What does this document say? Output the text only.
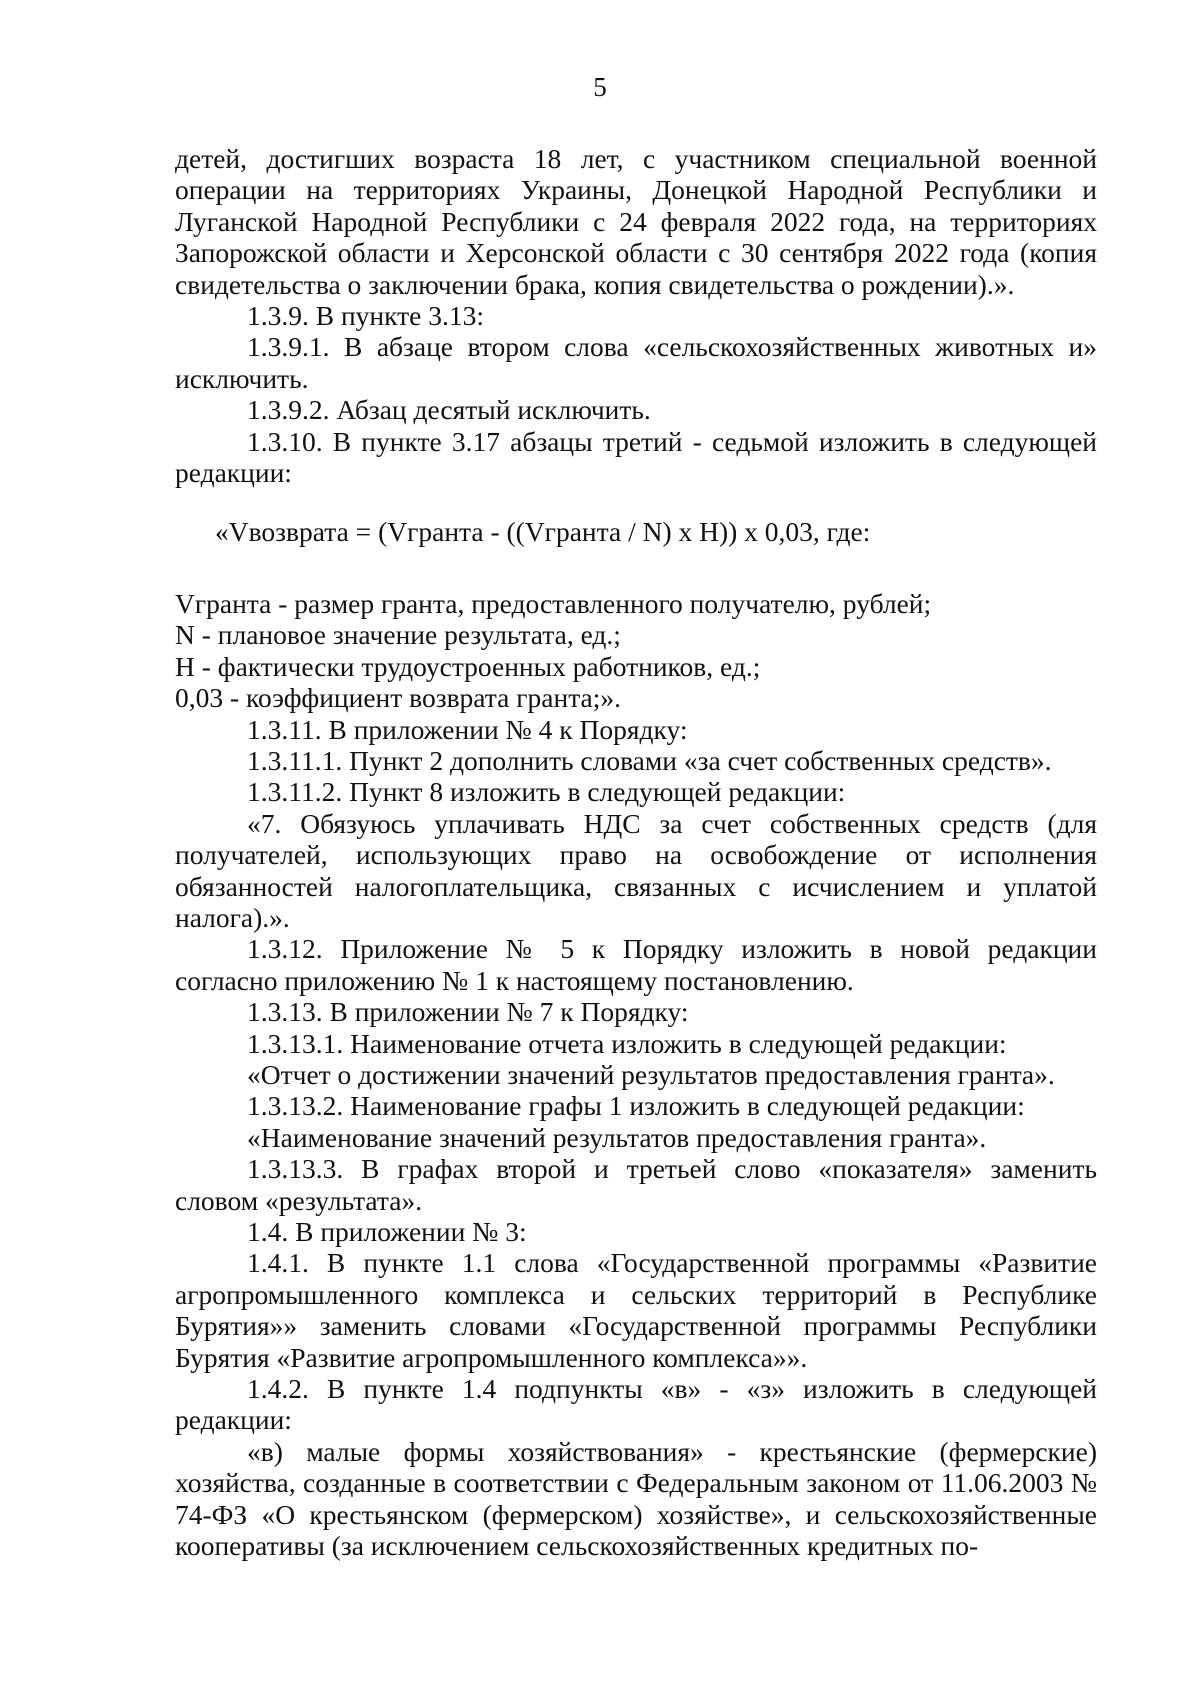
5

детей, достигших возраста 18 лет, с участником специальной военной операции на территориях Украины, Донецкой Народной Республики и Луганской Народной Республики с 24 февраля 2022 года, на территориях Запорожской области и Херсонской области с 30 сентября 2022 года (копия свидетельства о заключении брака, копия свидетельства о рождении).».

1.3.9. В пункте 3.13:

1.3.9.1. В абзаце втором слова «сельскохозяйственных животных и» исключить.

1.3.9.2. Абзац десятый исключить.

1.3.10. В пункте 3.17 абзацы третий - седьмой изложить в следующей редакции:

«Vвозврата = (Vгранта - ((Vгранта / N) x H)) x 0,03, где:

Vгранта - размер гранта, предоставленного получателю, рублей;

N - плановое значение результата, ед.;

H - фактически трудоустроенных работников, ед.;

0,03 - коэффициент возврата гранта;».

1.3.11. В приложении № 4 к Порядку:

1.3.11.1. Пункт 2 дополнить словами «за счет собственных средств».

1.3.11.2. Пункт 8 изложить в следующей редакции:

«7. Обязуюсь уплачивать НДС за счет собственных средств (для получателей, использующих право на освобождение от исполнения обязанностей налогоплательщика, связанных с исчислением и уплатой налога).».

1.3.12. Приложение № 5 к Порядку изложить в новой редакции согласно приложению № 1 к настоящему постановлению.

1.3.13. В приложении № 7 к Порядку:

1.3.13.1. Наименование отчета изложить в следующей редакции:

«Отчет о достижении значений результатов предоставления гранта».

1.3.13.2. Наименование графы 1 изложить в следующей редакции:

«Наименование значений результатов предоставления гранта».

1.3.13.3. В графах второй и третьей слово «показателя» заменить словом «результата».

1.4. В приложении № 3:

1.4.1. В пункте 1.1 слова «Государственной программы «Развитие агропромышленного комплекса и сельских территорий в Республике Бурятия»» заменить словами «Государственной программы Республики Бурятия «Развитие агропромышленного комплекса»».

1.4.2. В пункте 1.4 подпункты «в» - «з» изложить в следующей редакции:

«в) малые формы хозяйствования» - крестьянские (фермерские) хозяйства, созданные в соответствии с Федеральным законом от 11.06.2003 № 74-ФЗ «О крестьянском (фермерском) хозяйстве», и сельскохозяйственные кооперативы (за исключением сельскохозяйственных кредитных по-
